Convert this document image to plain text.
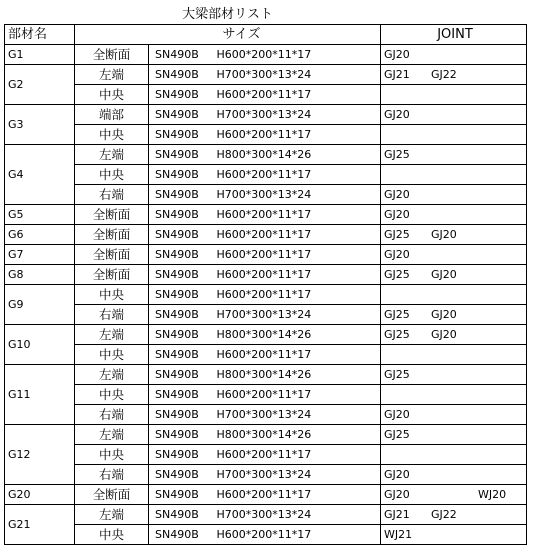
	大梁部材リスト			
部材名			サイズ	JOINT
G1	全断面	SN490B	H600*200*11*17	GJ20
G2	左端	SN490B	H700*300*13*24	GJ21 GJ22
	中央	SN490B	H600*200*11*17	
G3	端部	SN490B	H700*300*13*24	GJ20
	中央	SN490B	H600*200*11*17	
G4	左端	SN490B	H800*300*14*26	GJ25
	中央	SN490B	H600*200*11*17	
	右端	SN490B	H700*300*13*24	GJ20
G5	全断面	SN490B	H600*200*11*17	GJ20
G6	全断面	SN490B	H600*200*11*17	GJ25 GJ20
G7	全断面	SN490B	H600*200*11*17	GJ20
G8	全断面	SN490B	H600*200*11*17	GJ25 GJ20
G9	中央	SN490B	H600*200*11*17	
	右端	SN490B	H700*300*13*24	GJ25 GJ20
G10	左端	SN490B	H800*300*14*26	GJ25 GJ20
	中央	SN490B	H600*200*11*17	
G11	左端	SN490B	H800*300*14*26	GJ25
	中央	SN490B	H600*200*11*17	
	右端	SN490B	H700*300*13*24	GJ20
G12	左端	SN490B	H800*300*14*26	GJ25
	中央	SN490B	H600*200*11*17	
	右端	SN490B	H700*300*13*24	GJ20
G20	全断面	SN490B	H600*200*11*17	GJ20 WJ20
G21	左端	SN490B	H700*300*13*24	GJ21 GJ22
	中央	SN490B	H600*200*11*17	WJ21
